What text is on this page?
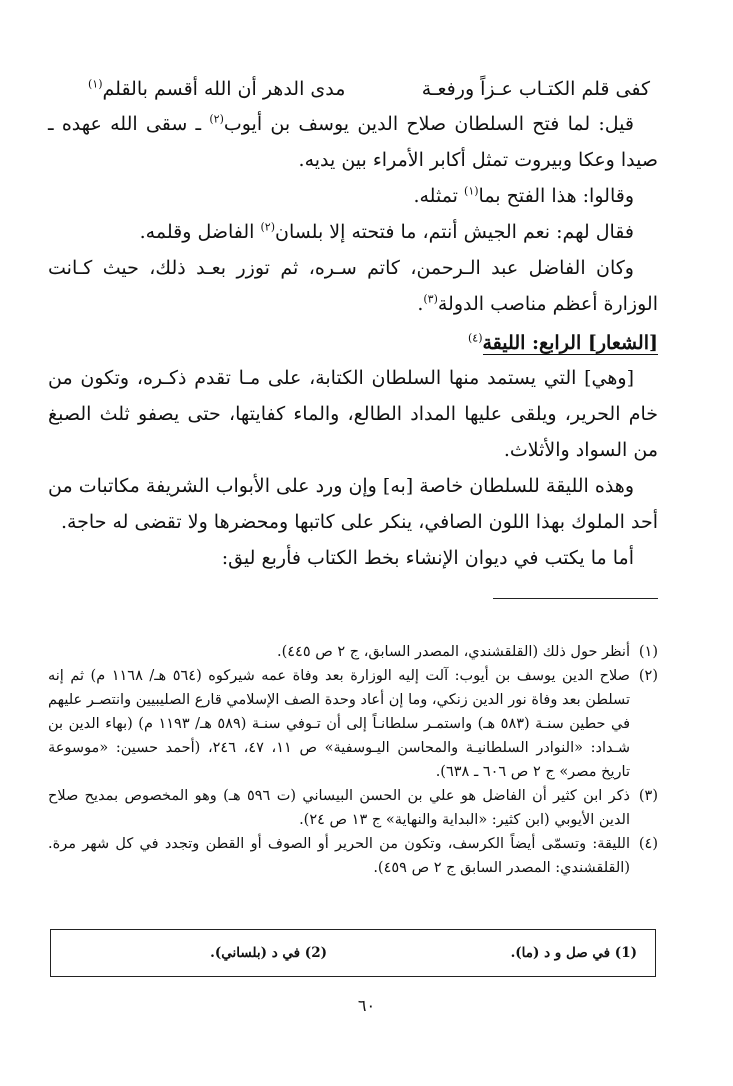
كفى قلم الكتـاب عـزاً ورفعـة
مدى الدهر أن الله أقسم بالقلم$^{(١)}$

قيل: لما فتح السلطان صلاح الدين يوسف بن أيوب$^{(٢)}$ ـ سقى الله عهده ـ صيدا وعكا وبيروت تمثل أكابر الأمراء بين يديه.

وقالوا: هذا الفتح بما$^{(١)}$ تمثله.

فقال لهم: نعم الجيش أنتم، ما فتحته إلا بلسان$^{(٢)}$ الفاضل وقلمه.

وكان الفاضل عبد الـرحمن، كاتم سـره، ثم توزر بعـد ذلك، حيث كـانت الوزارة أعظم مناصب الدولة$^{(٣)}$.

[الشعار] الرابع: الليقة$^{(٤)}$

[وهي] التي يستمد منها السلطان الكتابة، على مـا تقدم ذكـره، وتكون من خام الحرير، ويلقى عليها المداد الطالع، والماء كفايتها، حتى يصفو ثلث الصبغ من السواد والأثلاث.

وهذه الليقة للسلطان خاصة [به] وإن ورد على الأبواب الشريفة مكاتبات من أحد الملوك بهذا اللون الصافي، ينكر على كاتبها ومحضرها ولا تقضى له حاجة.

أما ما يكتب في ديوان الإنشاء بخط الكتاب فأربع ليق:

(١)
أنظر حول ذلك (القلقشندي، المصدر السابق، ج ٢ ص ٤٤٥).
(٢)
صلاح الدين يوسف بن أيوب: آلت إليه الوزارة بعد وفاة عمه شيركوه (٥٦٤ هـ/ ١١٦٨ م) ثم إنه تسلطن بعد وفاة نور الدين زنكي، وما إن أعاد وحدة الصف الإسلامي قارع الصليبيين وانتصـر عليهم في حطين سنـة (٥٨٣ هـ) واستمـر سلطانـاً إلى أن تـوفي سنـة (٥٨٩ هـ/ ١١٩٣ م) (بهاء الدين بن شـداد: «النوادر السلطانيـة والمحاسن اليـوسفية» ص ١١، ٤٧، ٢٤٦، (أحمد حسين: «موسوعة تاريخ مصر» ج ٢ ص ٦٠٦ ـ ٦٣٨).
(٣)
ذكر ابن كثير أن الفاضل هو علي بن الحسن البيساني (ت ٥٩٦ هـ) وهو المخصوص بمديح صلاح الدين الأيوبي (ابن كثير: «البداية والنهاية» ج ١٣ ص ٢٤).
(٤)
الليقة: وتسمّى أيضاً الكرسف، وتكون من الحرير أو الصوف أو القطن وتجدد في كل شهر مرة. (القلقشندي: المصدر السابق ج ٢ ص ٤٥٩).
(1) في صل و د (ما).
(2) في د (بلساني).
٦٠
